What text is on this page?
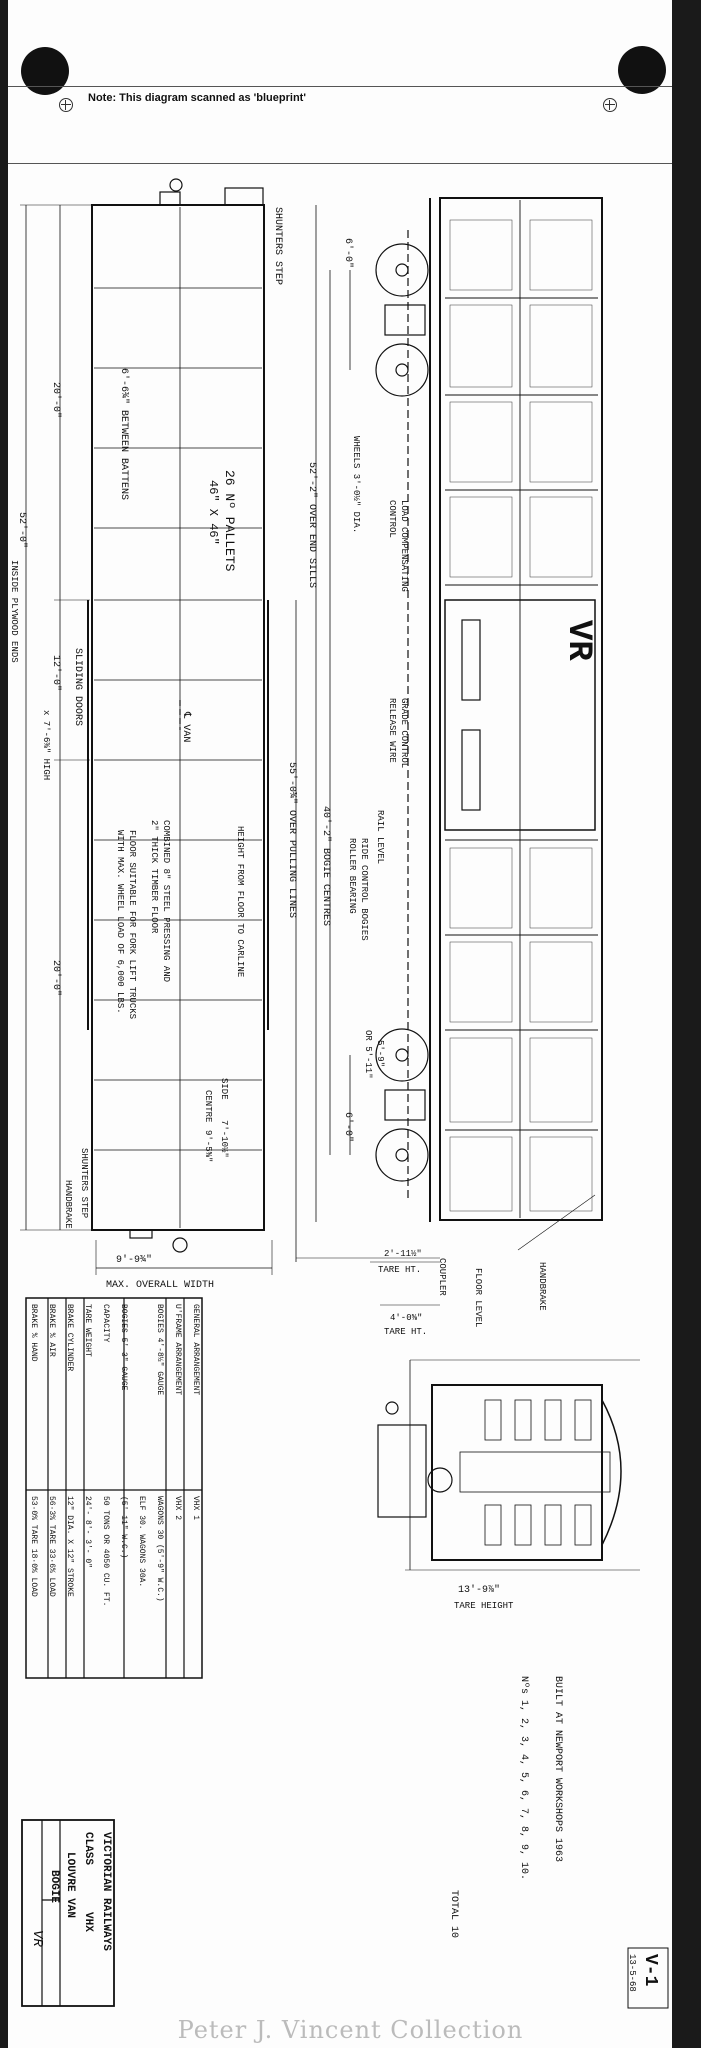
Note: This diagram scanned as 'blueprint'
SHUNTERS STEP
6'-6¾" BETWEEN BATTENS
26 Nº PALLETS
46" X 46"
20'-0"
12'-0"
20'-0"
52'-0"
INSIDE PLYWOOD ENDS
SLIDING DOORS
x 7'-6⅜" HIGH	℄ VAN
HEIGHT FROM FLOOR TO CARLINE
SIDE
7'-10½"
CENTRE
9'-5⅝"
COMBINED 8" STEEL PRESSING AND
2" THICK TIMBER FLOOR
FLOOR SUITABLE FOR FORK LIFT TRUCKS
WITH MAX. WHEEL LOAD OF 6,000 LBS.
SHUNTERS STEP
HANDBRAKE
9'-9¾"
MAX. OVERALL WIDTH
6'-0"
6'-0"
WHEELS 3'-0½" DIA.
52'-2" OVER END SILLS	LOAD COMPENSATING
CONTROL
GRADE CONTROL
RELEASE WIRE
55'-0¾" OVER PULLING LINES 40'-2" BOGIE CENTRES	RIDE CONTROL BOGIES
ROLLER BEARING
RAIL LEVEL
5'-9"
OR 5'-11"
2'-11½"
TARE HT. COUPLER
4'-0⅝"
TARE HT.
FLOOR LEVEL	HANDBRAKE
13'-9⅞"
TARE HEIGHT
VR
GENERAL ARRANGEMENT
VHX 1
U'FRAME ARRANGEMENT
VHX 2
BOGIES 4'-8½" GAUGE
WAGONS 30 (5'-9" W.C.)
ELF 30. WAGONS 30A.
BOGIES 5'-3" GAUGE
(5'-11" W.C.)
CAPACITY
50 TONS OR 4050 CU. FT.
TARE WEIGHT
24'- 8'- 3'- 0"
BRAKE CYLINDER
12" DIA. X 12" STROKE
BRAKE % AIR
56·3% TARE 33·6% LOAD
BRAKE % HAND
53·0% TARE 18·0% LOAD
BUILT AT NEWPORT WORKSHOPS 1963
Nºs 1, 2, 3, 4, 5, 6, 7, 8, 9, 10.
TOTAL 10
VICTORIAN RAILWAYS
CLASS
VHX
LOUVRE VAN
BOGIE
VR
V-1
13-5-68
Peter J. Vincent Collection
